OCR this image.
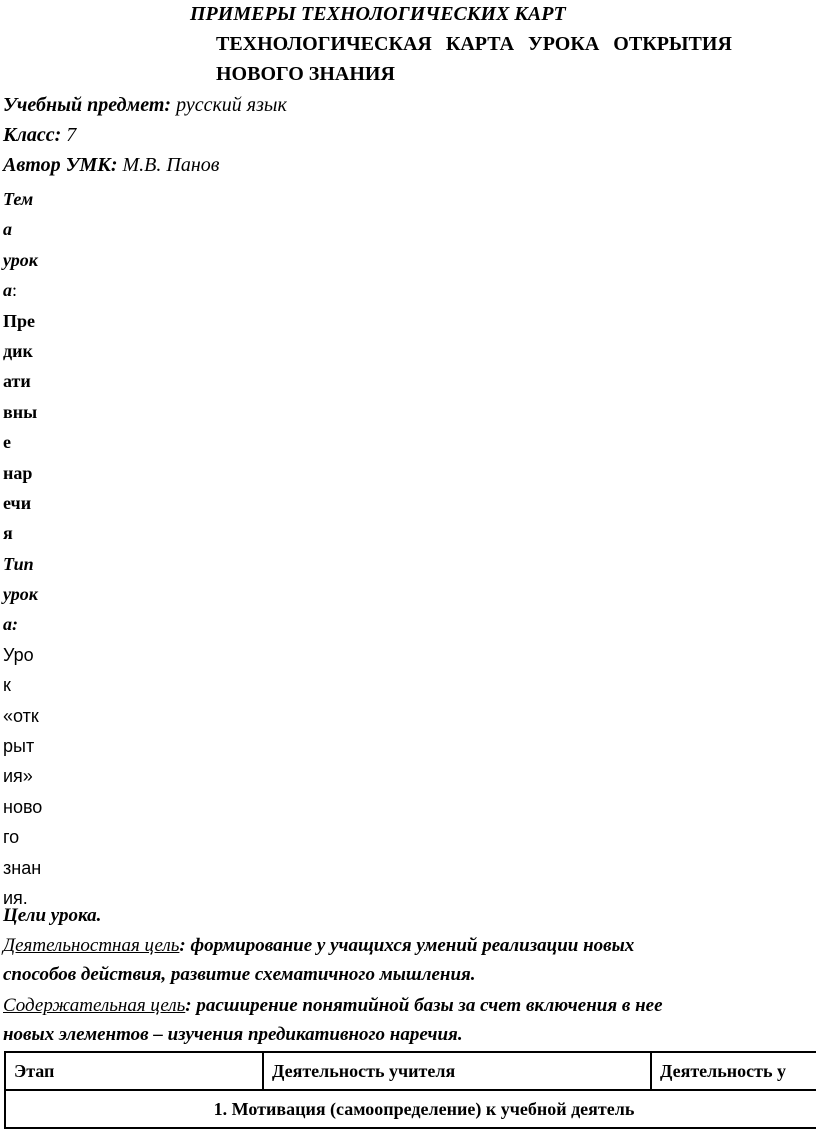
ПРИМЕРЫ ТЕХНОЛОГИЧЕСКИХ КАРТ
ТЕХНОЛОГИЧЕСКАЯ КАРТА УРОКА ОТКРЫТИЯ
НОВОГО ЗНАНИЯ
Учебный предмет: русский язык
Класс: 7
Автор УМК: М.В. Панов
Тем
а
урок
а:
Пре
дик
ати
вны
е
нар
ечи
я
Тип
урок
а:
Уро
к
«отк
рыт
ия»
ново
го
знан
ия.
Цели урока.
Деятельностная цель: формирование у учащихся умений реализации новых
способов действия, развитие схематичного мышления.
Содержательная цель: расширение понятийной базы за счет включения в нее
новых элементов – изучения предикативного наречия.
Этап	Деятельность учителя	Деятельность у
1. Мотивация (самоопределение) к учебной деятель
